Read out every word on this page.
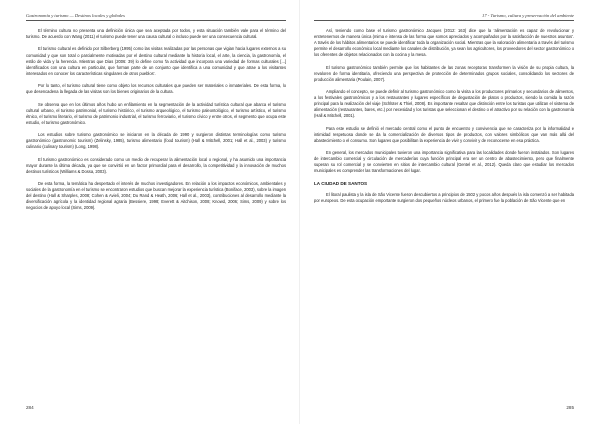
Gastronomía y turismo — Destinos locales y globales

El término cultura no presenta una definición única que sea aceptada por todos, y esta situación también vale para el término del turismo. De acuerdo con Wang (2011) el turismo puede tener una causa cultural o incluso puede ser una consecuencia cultural.

El turismo cultural es definido por Silberberg (1995) como las visitas realizadas por las personas que vigian hacia lugares externos a su comunidad y que son total o parcialmente motivadas por el destino cultural mediante la historia local, el arte, la ciencia, la gastronomía, el estilo de vida y la herencia. Mientras que Dias (2006: 39) lo define como 'la actividad que incorpora una variedad de formas culturales [...] identificados con una cultura en particular, que forman parte de un conjunto que identifica a una comunidad y que atrae a los visitantes interesados en conocer los características singulares de otros pueblos'.

Por lo tanto, el turismo cultural tiene como objeto los recursos culturales que pueden ser materiales o inmateriales. De esta forma, lo que desencadena la llegada de las visitas son los bienes originarios de la cultura.

Se observa que en los últimos años hubo un enfilamiento en la segmentación de la actividad turística cultural que abarca el turismo cultural urbano, el turismo patrimonial, el turismo histórico, el turismo arqueológico, el turismo paleontológico, el turismo artístico, el turismo étnico, el turismo literario, el turismo de patrimonio industrial, el turismo ferroviario, el turismo cívico y entre otros, el segmento que ocupa este estudio, el turismo gastronómico.

Los estudios sobre turismo gastronómico se iniciaron en la década de 1990 y surgieron distintas terminologías como turismo gastronómico (gastronomic tourism) (Zelinsky, 1985), turismo alimentario (food tourism) (Hall & Mitchell, 2001; Hall et al., 2003) y turismo culinario (culinary tourism) (Long, 1998).

El turismo gastronómico es considerado como un medio de recuperar la alimentación local o regional, y ha asumido una importancia mayor durante la última década, ya que se convirtió en un factor primordial para el desarrollo, la competitividad y la innovación de muchos destinos turísticos (Williams & Dossa, 2003).

De esta forma, la temática ha despertado el interés de muchos investigadores. En relación a los impactos económicos, ambientales y sociales de la gastronomía en el turismo se encontraron estudios que buscan mejorar la experiencia turística (Boniface, 2003), sobre la imagen del destino (Hall & Sharples, 2008; Cohen & Avieli, 2004; Du Rand & Heath, 2006; Hall et al., 2003), contribuciones al desarrollo mediante la diversificación agrícola y la identidad regional agraria (Bessiere, 1998; Everett & Aitchison, 2008; Knowd, 2006; Sims, 2009) y sobre los negocios de apoyo local (Sims, 2009).

284
17 - Turismo, cultura y preservación del ambiente

Así, teniendo como base el turismo gastronómico Jacques (2012: 163) dice que la 'alimentación es capaz de revolucionar y entretenernos de manera única (mima e intensa de las forma que somos apreciados y acompañados por la satisfacción de nuestros asuntos'. A través de los hábitos alimentarios se puede identificar toda la organización social. Mientras que la valoración alimentaria a través del turismo permite el desarrollo económico local mediante los canales de distribución, ya sean los agricultores, los proveedores del sector gastronómico o los oferentes de objetos relacionados con la cocina y la mesa.

El turismo gastronómico también permite que los habitantes de las zonas receptoras transformen la visión de su propia cultura, la revaloren de forma identitaria, ofreciendo una perspectiva de protección de determinados grupos sociales, consolidando los sectores de producción alimentaria (Poulain, 2007).

Ampliando el concepto, se puede definir al turismo gastronómico como la visita a los productores primarios y secundarios de alimentos, a los festivales gastronómicos y a los restaurantes y lugares específicos de degustación de platos o productos, siendo la comida la razón principal para la realización del viaje (Schlüter & Thiel, 2008). Es importante resaltar que distinción entre los turistas que utilizan el sistema de alimentación (restaurantes, bares, etc.) por necesidad y los turistas que seleccionan el destino o el atractivo por su relación con la gastronomía (Hall & Mitchell, 2001).

Para este estudio se definió el mercado central como el punto de encuentro y convivencia que se caracteriza por la informalidad e intimidad respetuosa donde se da la comercialización de diversos tipos de productos, con valores simbólicos que van más allá del abastecimiento o el consumo. Son lugares que posibilitan la experiencia de vivir y convivir y de reconocerse en esa práctica.

En general, los mercados municipales tuvieron una importancia significativa para las localidades donde fueron instalados. Son lugares de intercambio comercial y circulación de mercaderías cuya función principal era ser un centro de abastecimiento, pero que finalmente superan su rol comercial y se convierten en sitios de intercambio cultural (Gentel et al., 2012). Queda claro que estudiar los mercados municipales es comprender las transformaciones del lugar.

LA CIUDAD DE SANTOS

El litoral paulista y la isla de São Vicente fueron descubiertos a principios de 1502 y pocos años después la isla comenzó a ser habitada por europeos. De esta ocupación emportante surgieron dos pequeños núcleos urbanos, el primero fue la población de São Vicente que en

285
